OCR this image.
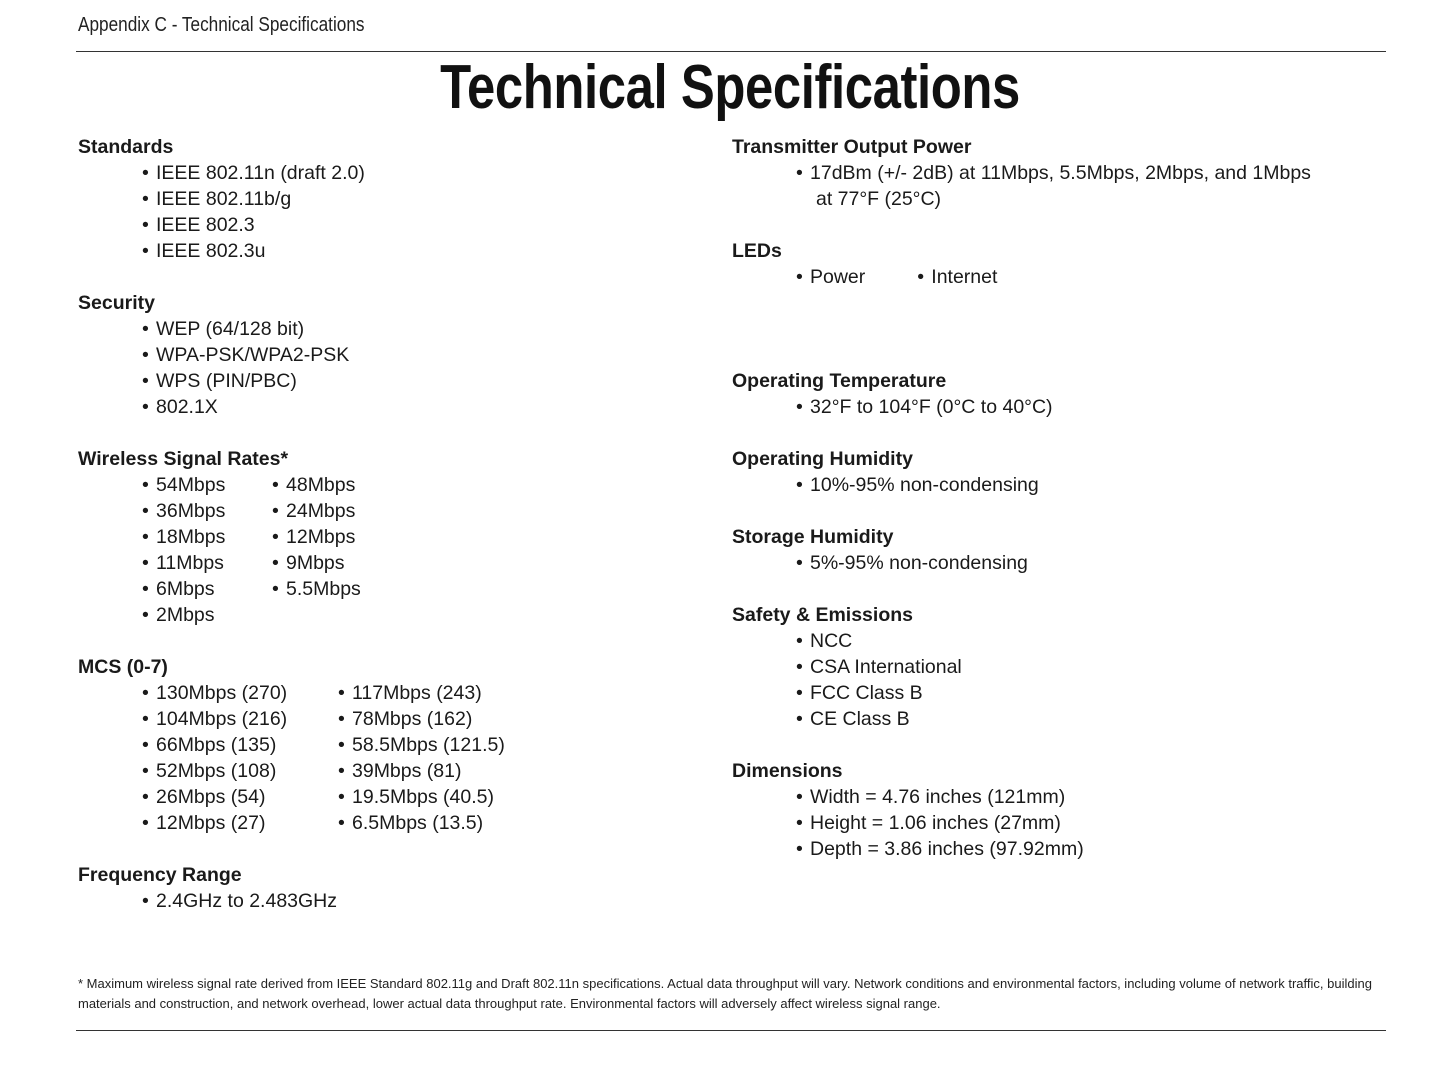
Appendix C - Technical Specifications
Technical Specifications
Standards
• IEEE 802.11n (draft 2.0)
• IEEE 802.11b/g
• IEEE 802.3
• IEEE 802.3u
Security
• WEP (64/128 bit)
• WPA-PSK/WPA2-PSK
• WPS (PIN/PBC)
• 802.1X
Wireless Signal Rates*
• 54Mbps	• 48Mbps
• 36Mbps	• 24Mbps
• 18Mbps	• 12Mbps
• 11Mbps	• 9Mbps
• 6Mbps	• 5.5Mbps
• 2Mbps
MCS (0-7)
• 130Mbps (270)	• 117Mbps (243)
• 104Mbps (216)	• 78Mbps (162)
• 66Mbps (135)	• 58.5Mbps (121.5)
• 52Mbps (108)	• 39Mbps (81)
• 26Mbps (54)	• 19.5Mbps (40.5)
• 12Mbps (27)	• 6.5Mbps (13.5)
Frequency Range
• 2.4GHz to 2.483GHz
Transmitter Output Power
• 17dBm (+/- 2dB) at 11Mbps, 5.5Mbps, 2Mbps, and 1Mbps
at 77°F (25°C)
LEDs
• Power	• Internet
Operating Temperature
• 32°F to 104°F (0°C to 40°C)
Operating Humidity
• 10%-95% non-condensing
Storage Humidity
• 5%-95% non-condensing
Safety & Emissions
• NCC
• CSA International
• FCC Class B
• CE Class B
Dimensions
• Width = 4.76 inches (121mm)
• Height = 1.06 inches (27mm)
• Depth = 3.86 inches (97.92mm)
* Maximum wireless signal rate derived from IEEE Standard 802.11g and Draft 802.11n specifications. Actual data throughput will vary. Network conditions and environmental factors, including volume of network traffic, building materials and construction, and network overhead, lower actual data throughput rate. Environmental factors will adversely affect wireless signal range.
